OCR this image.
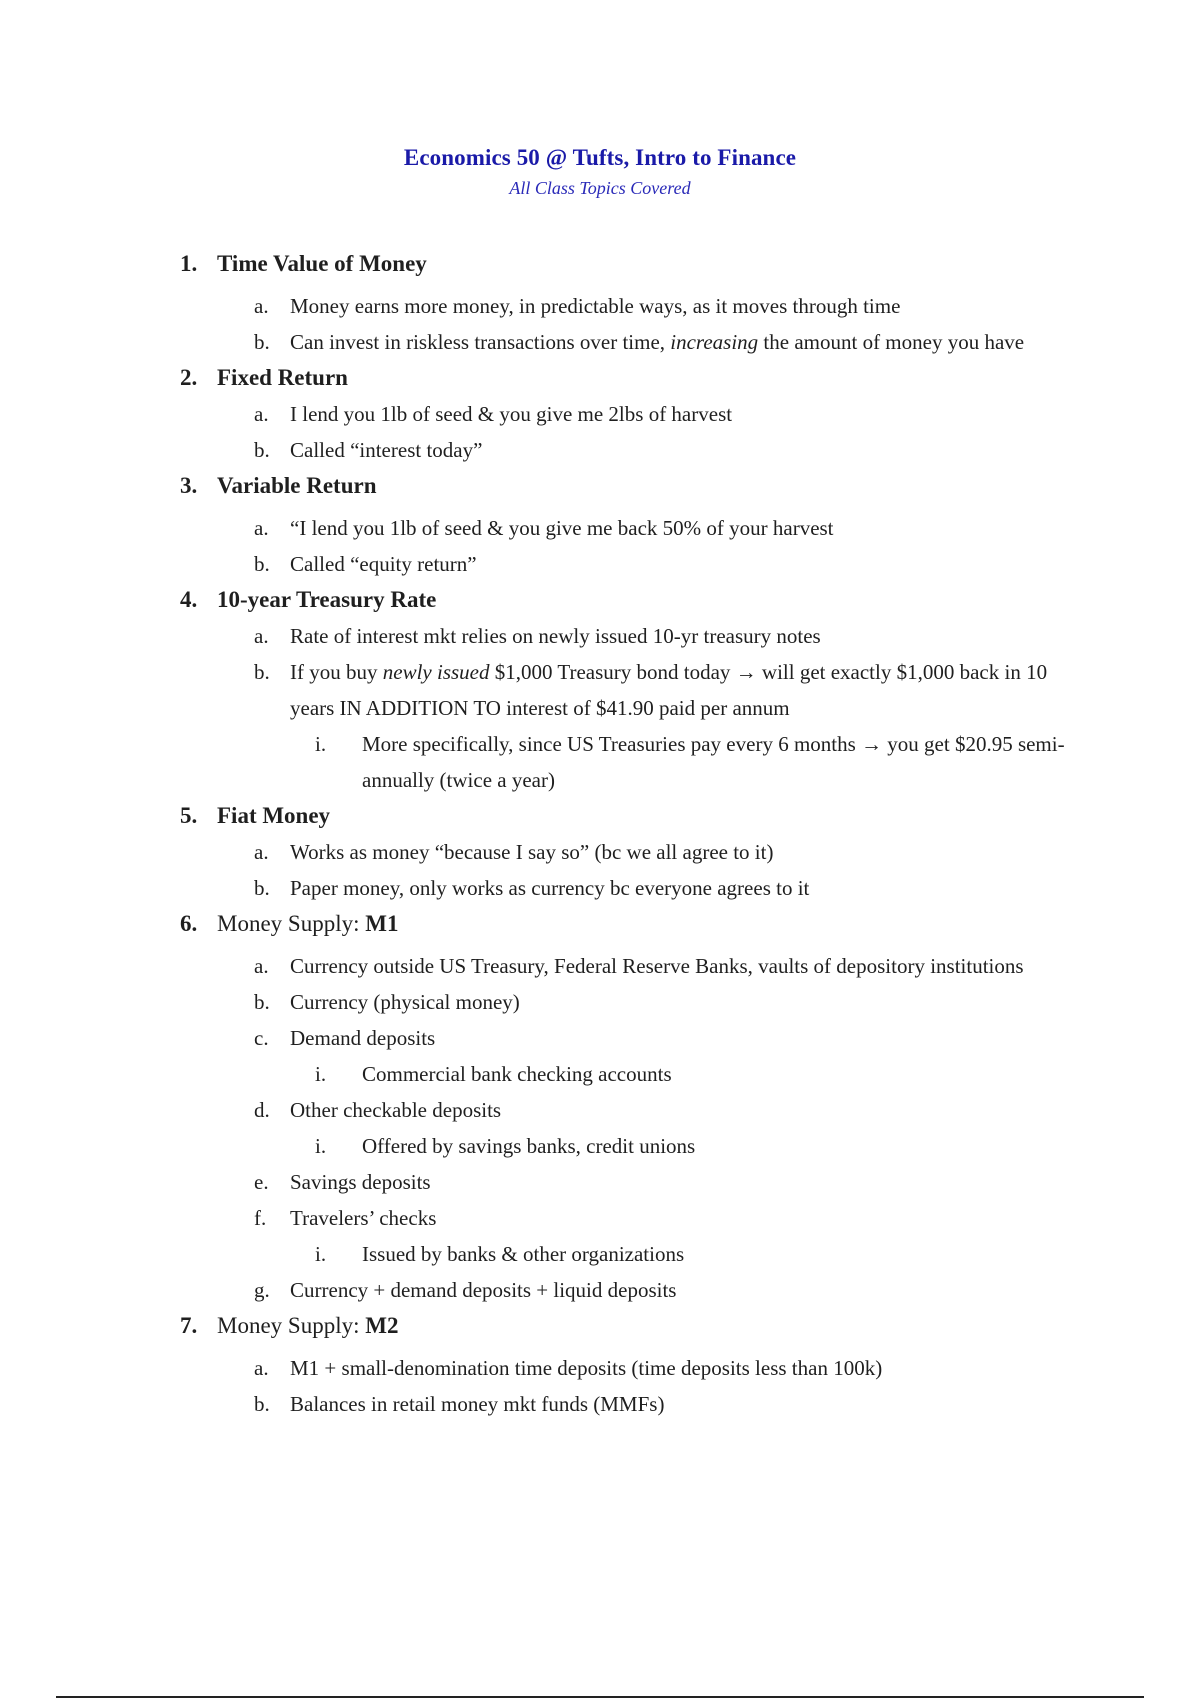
Economics 50 @ Tufts, Intro to Finance
All Class Topics Covered
1. Time Value of Money
a. Money earns more money, in predictable ways, as it moves through time
b. Can invest in riskless transactions over time, increasing the amount of money you have
2. Fixed Return
a. I lend you 1lb of seed & you give me 2lbs of harvest
b. Called “interest today”
3. Variable Return
a. “I lend you 1lb of seed & you give me back 50% of your harvest
b. Called “equity return”
4. 10-year Treasury Rate
a. Rate of interest mkt relies on newly issued 10-yr treasury notes
b. If you buy newly issued $1,000 Treasury bond today → will get exactly $1,000 back in 10 years IN ADDITION TO interest of $41.90 paid per annum
i. More specifically, since US Treasuries pay every 6 months → you get $20.95 semi-annually (twice a year)
5. Fiat Money
a. Works as money “because I say so” (bc we all agree to it)
b. Paper money, only works as currency bc everyone agrees to it
6. Money Supply: M1
a. Currency outside US Treasury, Federal Reserve Banks, vaults of depository institutions
b. Currency (physical money)
c. Demand deposits
i. Commercial bank checking accounts
d. Other checkable deposits
i. Offered by savings banks, credit unions
e. Savings deposits
f. Travelers’ checks
i. Issued by banks & other organizations
g. Currency + demand deposits + liquid deposits
7. Money Supply: M2
a. M1 + small-denomination time deposits (time deposits less than 100k)
b. Balances in retail money mkt funds (MMFs)
